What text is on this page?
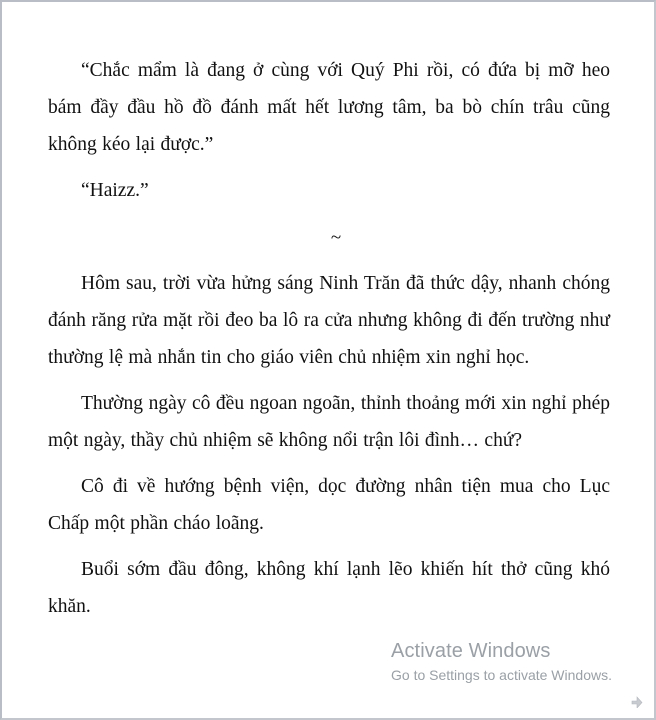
“Chắc mẩm là đang ở cùng với Quý Phi rồi, có đứa bị mỡ heo bám đầy đầu hồ đồ đánh mất hết lương tâm, ba bò chín trâu cũng không kéo lại được.”

“Haizz.”

~

Hôm sau, trời vừa hửng sáng Ninh Trăn đã thức dậy, nhanh chóng đánh răng rửa mặt rồi đeo ba lô ra cửa nhưng không đi đến trường như thường lệ mà nhắn tin cho giáo viên chủ nhiệm xin nghỉ học.

Thường ngày cô đều ngoan ngoãn, thỉnh thoảng mới xin nghỉ phép một ngày, thầy chủ nhiệm sẽ không nổi trận lôi đình… chứ?

Cô đi về hướng bệnh viện, dọc đường nhân tiện mua cho Lục Chấp một phần cháo loãng.

Buổi sớm đầu đông, không khí lạnh lẽo khiến hít thở cũng khó khăn.

Activate Windows
Go to Settings to activate Windows.
